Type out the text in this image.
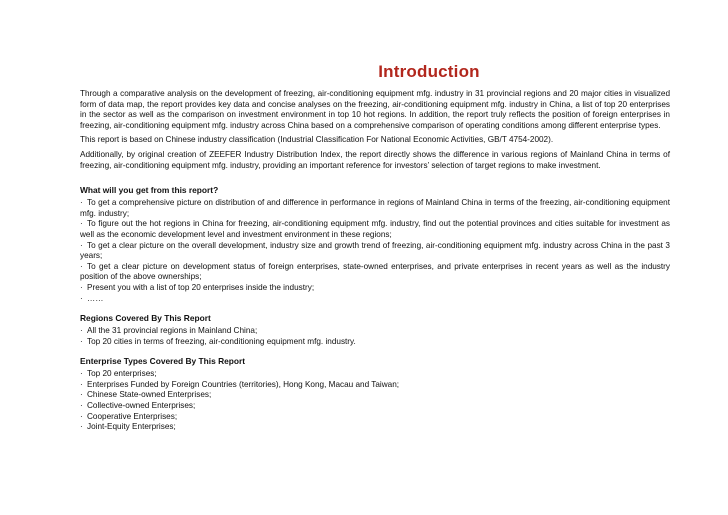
Introduction

Through a comparative analysis on the development of freezing, air-conditioning equipment mfg. industry in 31 provincial regions and 20 major cities in visualized form of data map, the report provides key data and concise analyses on the freezing, air-conditioning equipment mfg. industry in China, a list of top 20 enterprises in the sector as well as the comparison on investment environment in top 10 hot regions. In addition, the report truly reflects the position of foreign enterprises in freezing, air-conditioning equipment mfg. industry across China based on a comprehensive comparison of operating conditions among different enterprise types.

This report is based on Chinese industry classification (Industrial Classification For National Economic Activities, GB/T 4754-2002).

Additionally, by original creation of ZEEFER Industry Distribution Index, the report directly shows the difference in various regions of Mainland China in terms of freezing, air-conditioning equipment mfg. industry, providing an important reference for investors’ selection of target regions to make investment.

What will you get from this report?
· To get a comprehensive picture on distribution of and difference in performance in regions of Mainland China in terms of the freezing, air-conditioning equipment mfg. industry;
· To figure out the hot regions in China for freezing, air-conditioning equipment mfg. industry, find out the potential provinces and cities suitable for investment as well as the economic development level and investment environment in these regions;
· To get a clear picture on the overall development, industry size and growth trend of freezing, air-conditioning equipment mfg. industry across China in the past 3 years;
· To get a clear picture on development status of foreign enterprises, state-owned enterprises, and private enterprises in recent years as well as the industry position of the above ownerships;
· Present you with a list of top 20 enterprises inside the industry;
· ……
Regions Covered By This Report
· All the 31 provincial regions in Mainland China;
· Top 20 cities in terms of freezing, air-conditioning equipment mfg. industry.
Enterprise Types Covered By This Report
· Top 20 enterprises;
· Enterprises Funded by Foreign Countries (territories), Hong Kong, Macau and Taiwan;
· Chinese State-owned Enterprises;
· Collective-owned Enterprises;
· Cooperative Enterprises;
· Joint-Equity Enterprises;
